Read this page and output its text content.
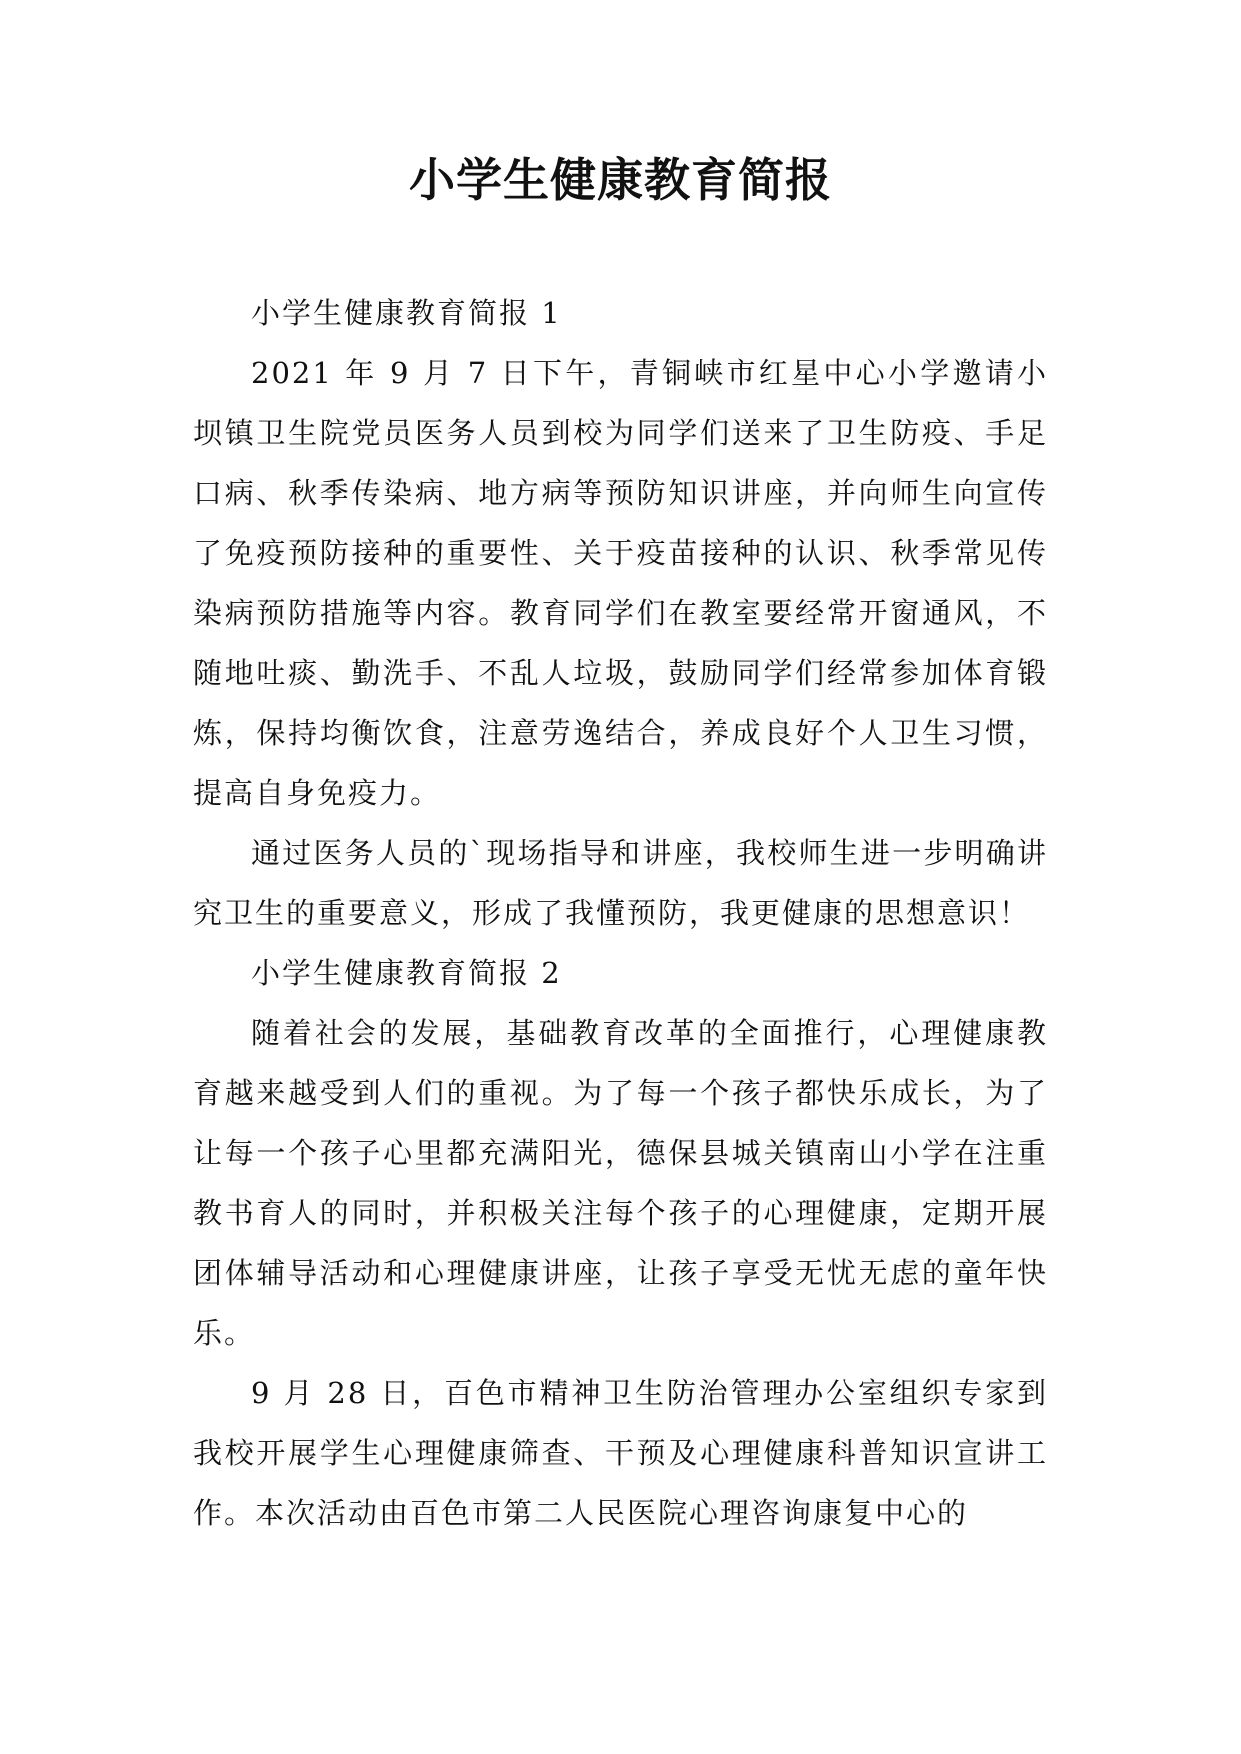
小学生健康教育简报

小学生健康教育简报 1

2021 年 9 月 7 日下午，青铜峡市红星中心小学邀请小坝镇卫生院党员医务人员到校为同学们送来了卫生防疫、手足口病、秋季传染病、地方病等预防知识讲座，并向师生向宣传了免疫预防接种的重要性、关于疫苗接种的认识、秋季常见传染病预防措施等内容。教育同学们在教室要经常开窗通风，不随地吐痰、勤洗手、不乱人垃圾，鼓励同学们经常参加体育锻炼，保持均衡饮食，注意劳逸结合，养成良好个人卫生习惯，提高自身免疫力。

通过医务人员的`现场指导和讲座，我校师生进一步明确讲究卫生的重要意义，形成了我懂预防，我更健康的思想意识！

小学生健康教育简报 2

随着社会的发展，基础教育改革的全面推行，心理健康教育越来越受到人们的重视。为了每一个孩子都快乐成长，为了让每一个孩子心里都充满阳光，德保县城关镇南山小学在注重教书育人的同时，并积极关注每个孩子的心理健康，定期开展团体辅导活动和心理健康讲座，让孩子享受无忧无虑的童年快乐。

9 月 28 日，百色市精神卫生防治管理办公室组织专家到我校开展学生心理健康筛查、干预及心理健康科普知识宣讲工作。本次活动由百色市第二人民医院心理咨询康复中心的
